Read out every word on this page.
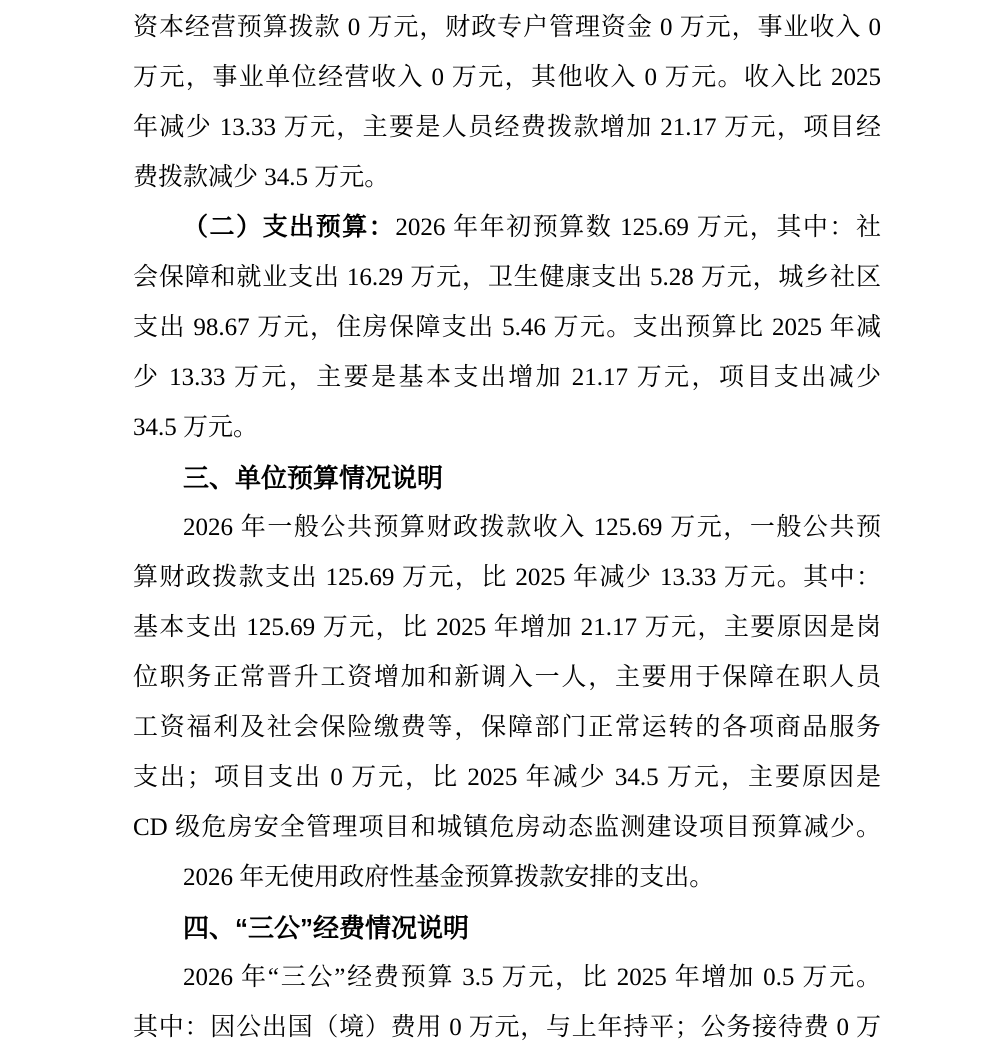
资本经营预算拨款 0 万元，财政专户管理资金 0 万元，事业收入 0
万元，事业单位经营收入 0 万元，其他收入 0 万元。收入比 2025
年减少 13.33 万元，主要是人员经费拨款增加 21.17 万元，项目经
费拨款减少 34.5 万元。
（二）支出预算：2026 年年初预算数 125.69 万元，其中：社
会保障和就业支出 16.29 万元，卫生健康支出 5.28 万元，城乡社区
支出 98.67 万元，住房保障支出 5.46 万元。支出预算比 2025 年减
少 13.33 万元，主要是基本支出增加 21.17 万元，项目支出减少
34.5 万元。
三、单位预算情况说明
2026 年一般公共预算财政拨款收入 125.69 万元，一般公共预
算财政拨款支出 125.69 万元，比 2025 年减少 13.33 万元。其中：
基本支出 125.69 万元，比 2025 年增加 21.17 万元，主要原因是岗
位职务正常晋升工资增加和新调入一人，主要用于保障在职人员
工资福利及社会保险缴费等，保障部门正常运转的各项商品服务
支出；项目支出 0 万元，比 2025 年减少 34.5 万元，主要原因是
CD 级危房安全管理项目和城镇危房动态监测建设项目预算减少。
2026 年无使用政府性基金预算拨款安排的支出。
四、“三公”经费情况说明
2026 年“三公”经费预算 3.5 万元，比 2025 年增加 0.5 万元。
其中：因公出国（境）费用 0 万元，与上年持平；公务接待费 0 万
